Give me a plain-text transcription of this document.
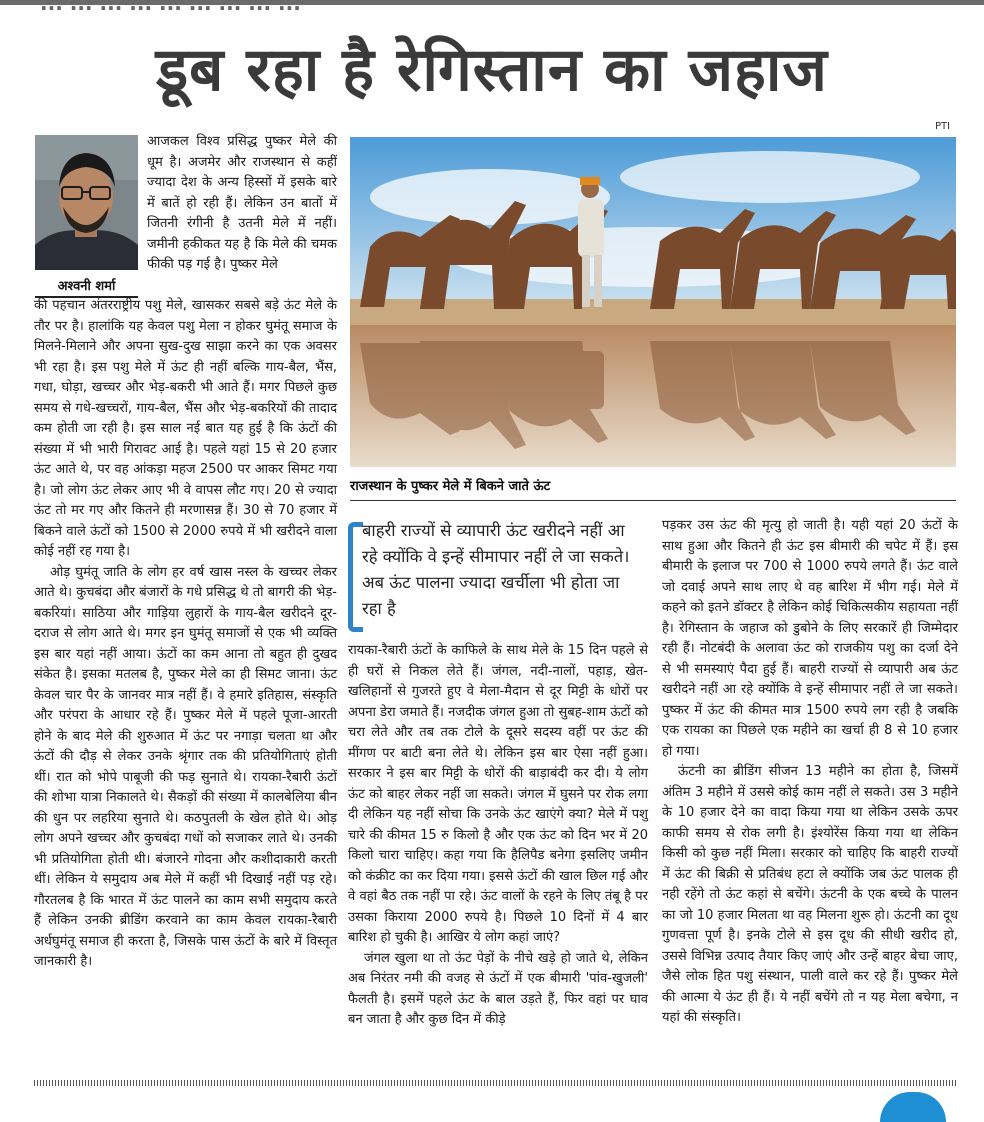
... ... ... ... ... ... ... ... ...
डूब रहा है रेगिस्तान का जहाज
PTI
अश्वनी शर्मा

आजकल विश्व प्रसिद्ध पुष्कर मेले की धूम है। अजमेर और राजस्थान से कहीं ज्यादा देश के अन्य हिस्सों में इसके बारे में बातें हो रही हैं। लेकिन उन बातों में जितनी रंगीनी है उतनी मेले में नहीं। जमीनी हकीकत यह है कि मेले की चमक फीकी पड़ गई है। पुष्कर मेले

की पहचान अंतरराष्ट्रीय पशु मेले, खासकर सबसे बड़े ऊंट मेले के तौर पर है। हालांकि यह केवल पशु मेला न होकर घुमंतू समाज के मिलने-मिलाने और अपना सुख-दुख साझा करने का एक अवसर भी रहा है। इस पशु मेले में ऊंट ही नहीं बल्कि गाय-बैल, भैंस, गधा, घोड़ा, खच्चर और भेड़-बकरी भी आते हैं। मगर पिछले कुछ समय से गधे-खच्चरों, गाय-बैल, भैंस और भेड़-बकरियों की तादाद कम होती जा रही है। इस साल नई बात यह हुई है कि ऊंटों की संख्या में भी भारी गिरावट आई है। पहले यहां 15 से 20 हजार ऊंट आते थे, पर वह आंकड़ा महज 2500 पर आकर सिमट गया है। जो लोग ऊंट लेकर आए भी वे वापस लौट गए। 20 से ज्यादा ऊंट तो मर गए और कितने ही मरणासन्न हैं। 30 से 70 हजार में बिकने वाले ऊंटों को 1500 से 2000 रुपये में भी खरीदने वाला कोई नहीं रह गया है।

ओड़ घुमंतू जाति के लोग हर वर्ष खास नस्ल के खच्चर लेकर आते थे। कुचबंदा और बंजारों के गधे प्रसिद्ध थे तो बागरी की भेड़-बकरियां। साठिया और गाड़िया लुहारों के गाय-बैल खरीदने दूर-दराज से लोग आते थे। मगर इन घुमंतू समाजों से एक भी व्यक्ति इस बार यहां नहीं आया। ऊंटों का कम आना तो बहुत ही दुखद संकेत है। इसका मतलब है, पुष्कर मेले का ही सिमट जाना। ऊंट केवल चार पैर के जानवर मात्र नहीं हैं। वे हमारे इतिहास, संस्कृति और परंपरा के आधार रहे हैं। पुष्कर मेले में पहले पूजा-आरती होने के बाद मेले की शुरुआत में ऊंट पर नगाड़ा चलता था और ऊंटों की दौड़ से लेकर उनके श्रृंगार तक की प्रतियोगिताएं होती थीं। रात को भोपे पाबूजी की फड़ सुनाते थे। रायका-रैबारी ऊंटों की शोभा यात्रा निकालते थे। सैकड़ों की संख्या में कालबेलिया बीन की धुन पर लहरिया सुनाते थे। कठपुतली के खेल होते थे। ओड़ लोग अपने खच्चर और कुचबंदा गधों को सजाकर लाते थे। उनकी भी प्रतियोगिता होती थी। बंजारने गोदना और कशीदाकारी करती थीं। लेकिन ये समुदाय अब मेले में कहीं भी दिखाई नहीं पड़ रहे। गौरतलब है कि भारत में ऊंट पालने का काम सभी समुदाय करते हैं लेकिन उनकी ब्रीडिंग करवाने का काम केवल रायका-रैबारी अर्धघुमंतू समाज ही करता है, जिसके पास ऊंटों के बारे में विस्तृत जानकारी है।

राजस्थान के पुष्कर मेले में बिकने जाते ऊंट
बाहरी राज्यों से व्यापारी ऊंट खरीदने नहीं आ रहे क्योंकि वे इन्हें सीमापार नहीं ले जा सकते। अब ऊंट पालना ज्यादा खर्चीला भी होता जा रहा है

रायका-रैबारी ऊंटों के काफिले के साथ मेले के 15 दिन पहले से ही घरों से निकल लेते हैं। जंगल, नदी-नालों, पहाड़, खेत-खलिहानों से गुजरते हुए वे मेला-मैदान से दूर मिट्टी के धोरों पर अपना डेरा जमाते हैं। नजदीक जंगल हुआ तो सुबह-शाम ऊंटों को चरा लेते और तब तक टोले के दूसरे सदस्य वहीं पर ऊंट की मींगण पर बाटी बना लेते थे। लेकिन इस बार ऐसा नहीं हुआ। सरकार ने इस बार मिट्टी के धोरों की बाड़ाबंदी कर दी। ये लोग ऊंट को बाहर लेकर नहीं जा सकते। जंगल में घुसने पर रोक लगा दी लेकिन यह नहीं सोचा कि उनके ऊंट खाएंगे क्या? मेले में पशु चारे की कीमत 15 रु किलो है और एक ऊंट को दिन भर में 20 किलो चारा चाहिए। कहा गया कि हैलिपैड बनेगा इसलिए जमीन को कंक्रीट का कर दिया गया। इससे ऊंटों की खाल छिल गई और वे वहां बैठ तक नहीं पा रहे। ऊंट वालों के रहने के लिए तंबू है पर उसका किराया 2000 रुपये है। पिछले 10 दिनों में 4 बार बारिश हो चुकी है। आखिर ये लोग कहां जाएं?

जंगल खुला था तो ऊंट पेड़ों के नीचे खड़े हो जाते थे, लेकिन अब निरंतर नमी की वजह से ऊंटों में एक बीमारी 'पांव-खुजली' फैलती है। इसमें पहले ऊंट के बाल उड़ते हैं, फिर वहां पर घाव बन जाता है और कुछ दिन में कीड़े

पड़कर उस ऊंट की मृत्यु हो जाती है। यही यहां 20 ऊंटों के साथ हुआ और कितने ही ऊंट इस बीमारी की चपेट में हैं। इस बीमारी के इलाज पर 700 से 1000 रुपये लगते हैं। ऊंट वाले जो दवाई अपने साथ लाए थे वह बारिश में भीग गई। मेले में कहने को इतने डॉक्टर है लेकिन कोई चिकित्सकीय सहायता नहीं है। रेगिस्तान के जहाज को डुबोने के लिए सरकारें ही जिम्मेदार रही हैं। नोटबंदी के अलावा ऊंट को राजकीय पशु का दर्जा देने से भी समस्याएं पैदा हुई हैं। बाहरी राज्यों से व्यापारी अब ऊंट खरीदने नहीं आ रहे क्योंकि वे इन्हें सीमापार नहीं ले जा सकते। पुष्कर में ऊंट की कीमत मात्र 1500 रुपये लग रही है जबकि एक रायका का पिछले एक महीने का खर्चा ही 8 से 10 हजार हो गया।

ऊंटनी का ब्रीडिंग सीजन 13 महीने का होता है, जिसमें अंतिम 3 महीने में उससे कोई काम नहीं ले सकते। उस 3 महीने के 10 हजार देने का वादा किया गया था लेकिन उसके ऊपर काफी समय से रोक लगी है। इंश्योरेंस किया गया था लेकिन किसी को कुछ नहीं मिला। सरकार को चाहिए कि बाहरी राज्यों में ऊंट की बिक्री से प्रतिबंध हटा ले क्योंकि जब ऊंट पालक ही नही रहेंगे तो ऊंट कहां से बचेंगे। ऊंटनी के एक बच्चे के पालन का जो 10 हजार मिलता था वह मिलना शुरू हो। ऊंटनी का दूध गुणवत्ता पूर्ण है। इनके टोले से इस दूध की सीधी खरीद हो, उससे विभिन्न उत्पाद तैयार किए जाएं और उन्हें बाहर बेचा जाए, जैसे लोक हित पशु संस्थान, पाली वाले कर रहे हैं। पुष्कर मेले की आत्मा ये ऊंट ही हैं। ये नहीं बचेंगे तो न यह मेला बचेगा, न यहां की संस्कृति।
